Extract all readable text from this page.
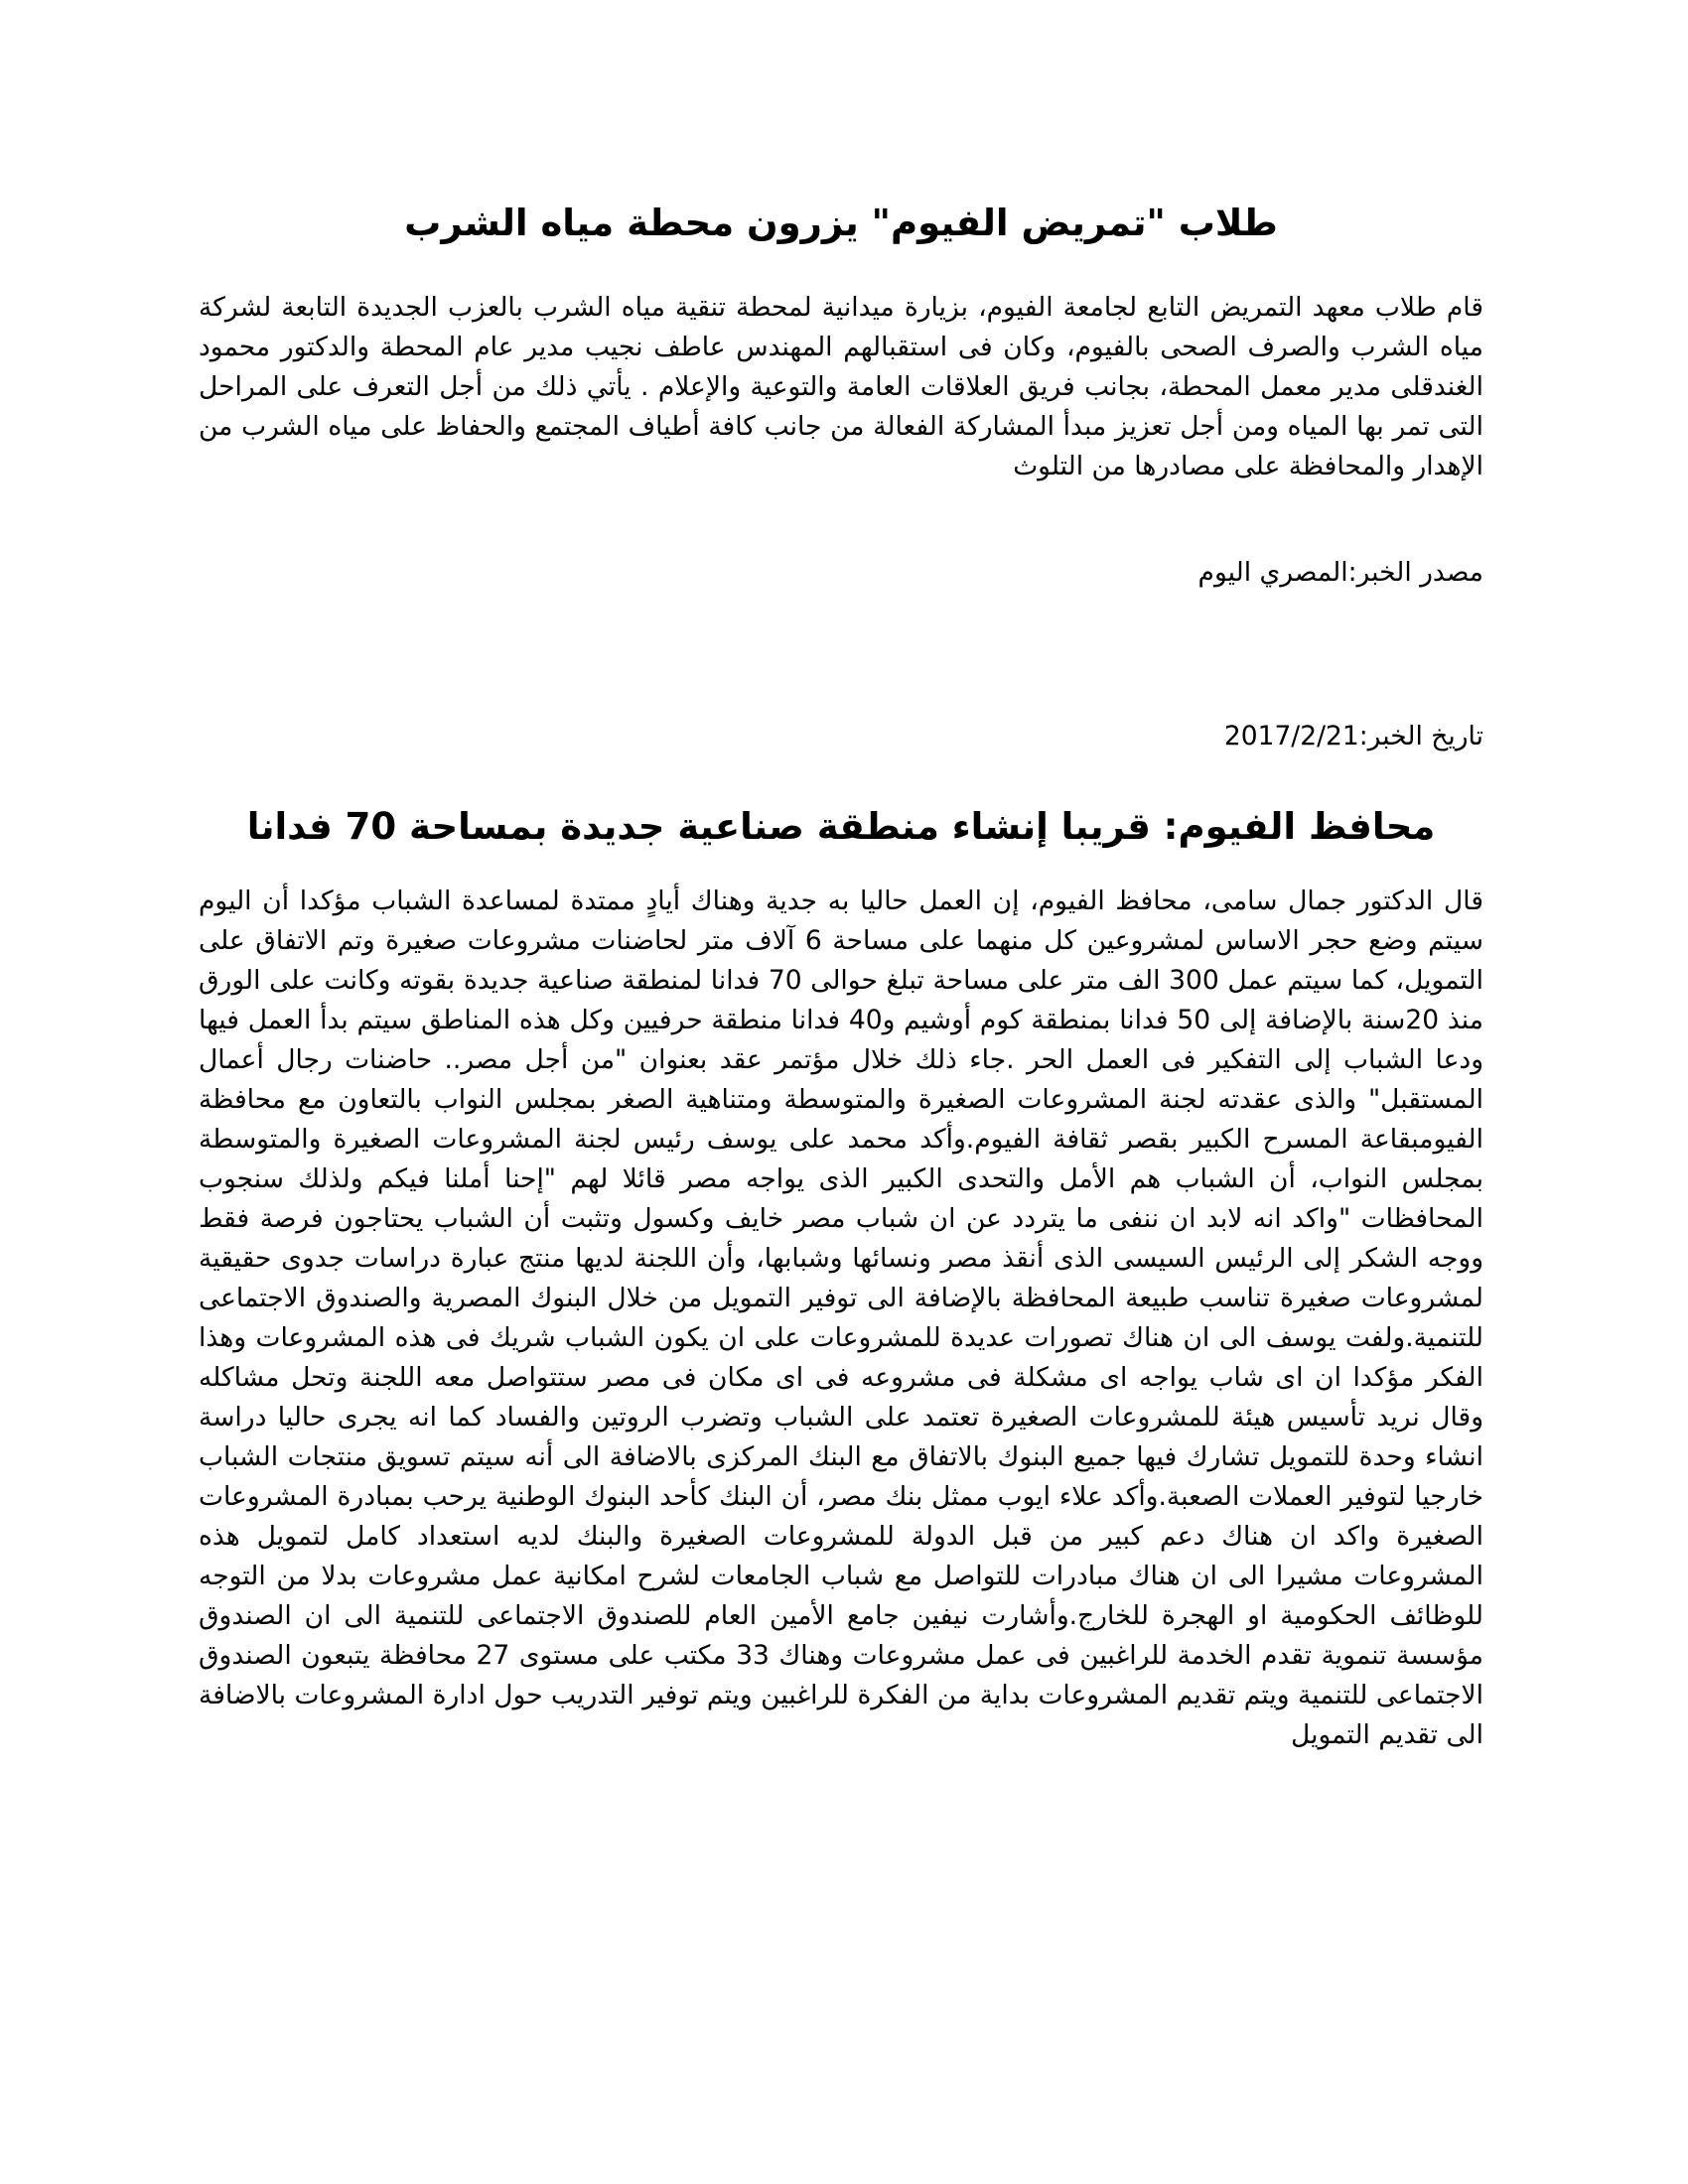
طلاب "تمريض الفيوم" يزرون محطة مياه الشرب

قام طلاب معهد التمريض التابع لجامعة الفيوم، بزيارة ميدانية لمحطة تنقية مياه الشرب بالعزب الجديدة التابعة لشركة مياه الشرب والصرف الصحى بالفيوم، وكان فى استقبالهم المهندس عاطف نجيب مدير عام المحطة والدكتور محمود الغندقلى مدير معمل المحطة، بجانب فريق العلاقات العامة والتوعية والإعلام . يأتي ذلك من أجل التعرف على المراحل التى تمر بها المياه ومن أجل تعزيز مبدأ المشاركة الفعالة من جانب كافة أطياف المجتمع والحفاظ على مياه الشرب من الإهدار والمحافظة على مصادرها من التلوث

مصدر الخبر:المصري اليوم

تاريخ الخبر:2017/2/21

محافظ الفيوم: قريبا إنشاء منطقة صناعية جديدة بمساحة 70 فدانا

قال الدكتور جمال سامى، محافظ الفيوم، إن العمل حاليا به جدية وهناك أيادٍ ممتدة لمساعدة الشباب مؤكدا أن اليوم سيتم وضع حجر الاساس لمشروعين كل منهما على مساحة 6 آلاف متر لحاضنات مشروعات صغيرة وتم الاتفاق على التمويل، كما سيتم عمل 300 الف متر على مساحة تبلغ حوالى 70 فدانا لمنطقة صناعية جديدة بقوته وكانت على الورق منذ 20سنة بالإضافة إلى 50 فدانا بمنطقة كوم أوشيم و40 فدانا منطقة حرفيين وكل هذه المناطق سيتم بدأ العمل فيها ودعا الشباب إلى التفكير فى العمل الحر .جاء ذلك خلال مؤتمر عقد بعنوان "من أجل مصر.. حاضنات رجال أعمال المستقبل" والذى عقدته لجنة المشروعات الصغيرة والمتوسطة ومتناهية الصغر بمجلس النواب بالتعاون مع محافظة الفيومبقاعة المسرح الكبير بقصر ثقافة الفيوم.وأكد محمد على يوسف رئيس لجنة المشروعات الصغيرة والمتوسطة بمجلس النواب، أن الشباب هم الأمل والتحدى الكبير الذى يواجه مصر قائلا لهم "إحنا أملنا فيكم ولذلك سنجوب المحافظات "واكد انه لابد ان ننفى ما يتردد عن ان شباب مصر خايف وكسول وتثبت أن الشباب يحتاجون فرصة فقط ووجه الشكر إلى الرئيس السيسى الذى أنقذ مصر ونسائها وشبابها، وأن اللجنة لديها منتج عبارة دراسات جدوى حقيقية لمشروعات صغيرة تناسب طبيعة المحافظة بالإضافة الى توفير التمويل من خلال البنوك المصرية والصندوق الاجتماعى للتنمية.ولفت يوسف الى ان هناك تصورات عديدة للمشروعات على ان يكون الشباب شريك فى هذه المشروعات وهذا الفكر مؤكدا ان اى شاب يواجه اى مشكلة فى مشروعه فى اى مكان فى مصر ستتواصل معه اللجنة وتحل مشاكله وقال نريد تأسيس هيئة للمشروعات الصغيرة تعتمد على الشباب وتضرب الروتين والفساد كما انه يجرى حاليا دراسة انشاء وحدة للتمويل تشارك فيها جميع البنوك بالاتفاق مع البنك المركزى بالاضافة الى أنه سيتم تسويق منتجات الشباب خارجيا لتوفير العملات الصعبة.وأكد علاء ايوب ممثل بنك مصر، أن البنك كأحد البنوك الوطنية يرحب بمبادرة المشروعات الصغيرة واكد ان هناك دعم كبير من قبل الدولة للمشروعات الصغيرة والبنك لديه استعداد كامل لتمويل هذه المشروعات مشيرا الى ان هناك مبادرات للتواصل مع شباب الجامعات لشرح امكانية عمل مشروعات بدلا من التوجه للوظائف الحكومية او الهجرة للخارج.وأشارت نيفين جامع الأمين العام للصندوق الاجتماعى للتنمية الى ان الصندوق مؤسسة تنموية تقدم الخدمة للراغبين فى عمل مشروعات وهناك 33 مكتب على مستوى 27 محافظة يتبعون الصندوق الاجتماعى للتنمية ويتم تقديم المشروعات بداية من الفكرة للراغبين ويتم توفير التدريب حول ادارة المشروعات بالاضافة الى تقديم التمويل
